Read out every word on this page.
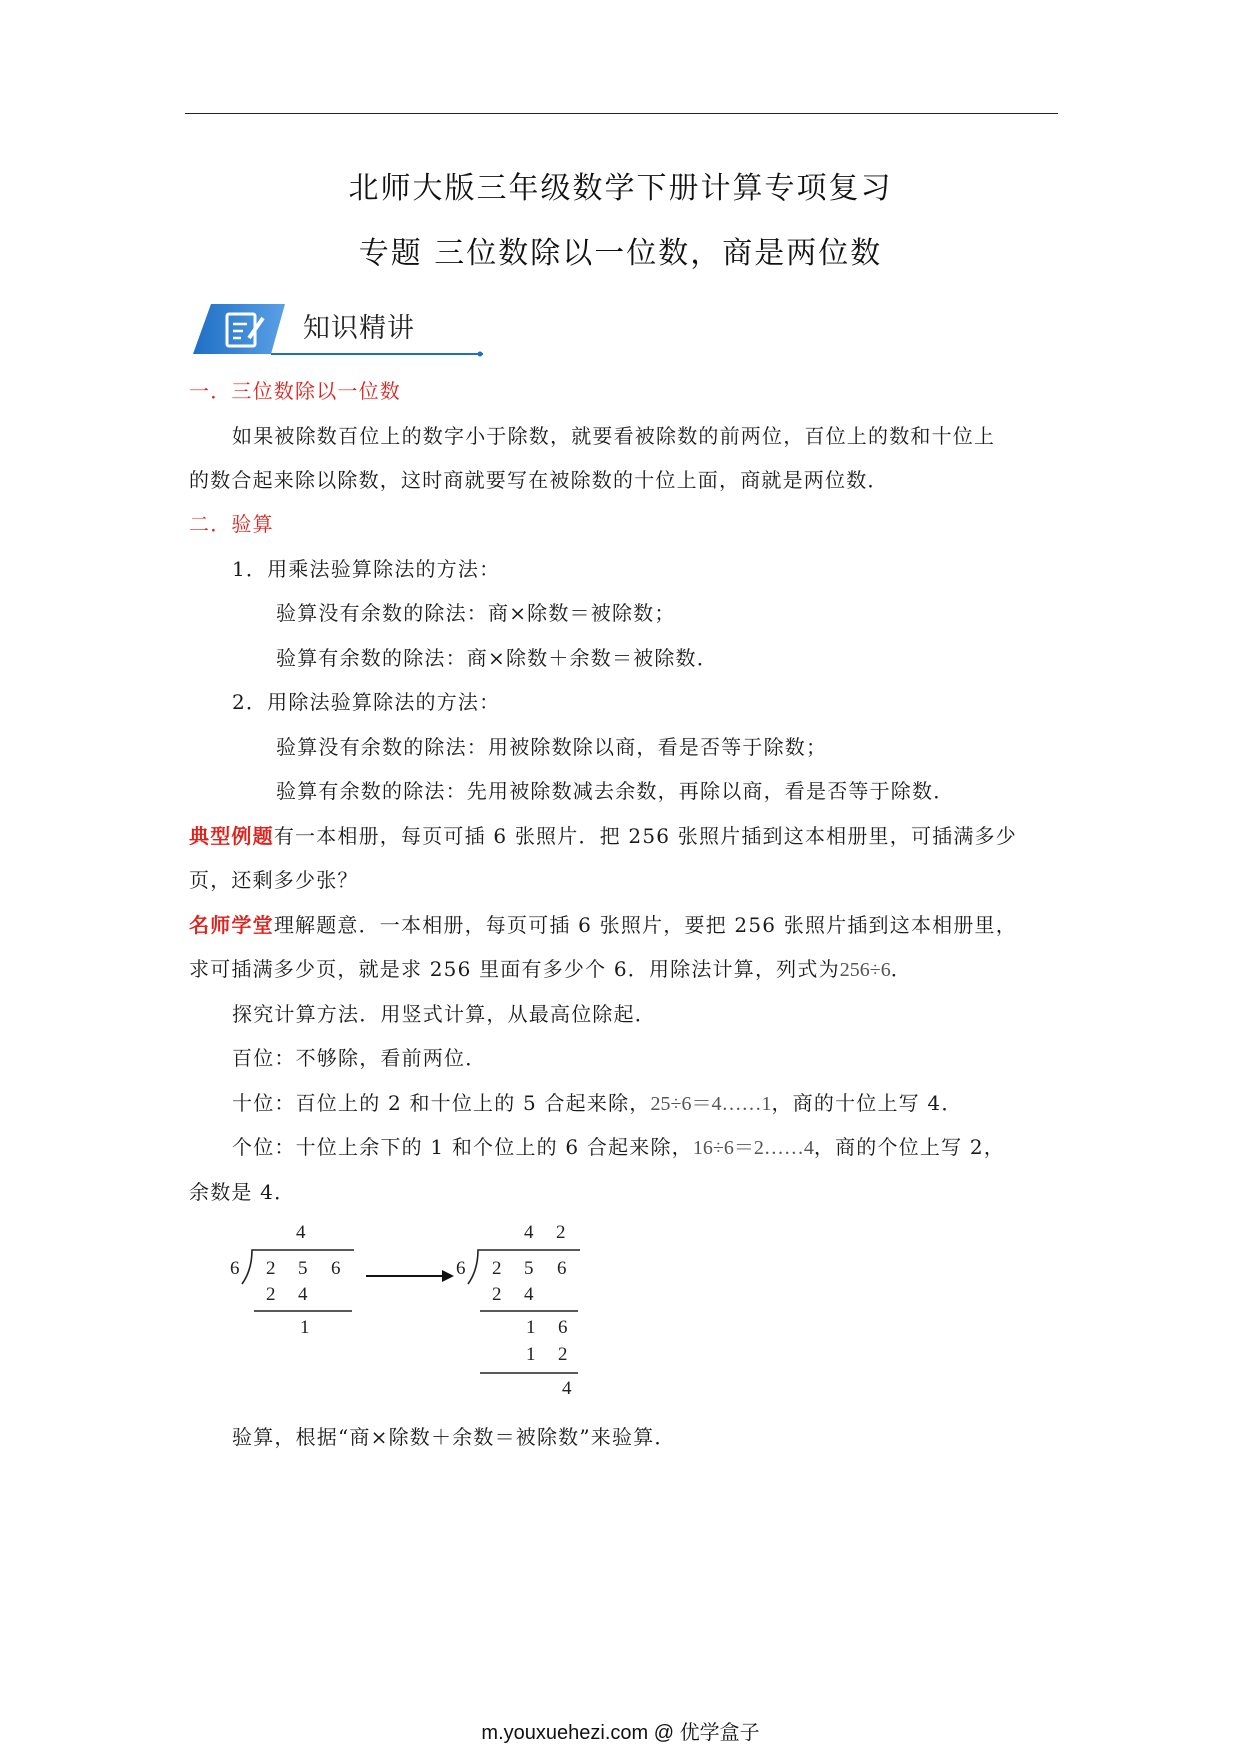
北师大版三年级数学下册计算专项复习
专题 三位数除以一位数，商是两位数
知识精讲
一．三位数除以一位数
如果被除数百位上的数字小于除数，就要看被除数的前两位，百位上的数和十位上
的数合起来除以除数，这时商就要写在被除数的十位上面，商就是两位数．
二．验算
1．用乘法验算除法的方法：
验算没有余数的除法：商×除数＝被除数；
验算有余数的除法：商×除数＋余数＝被除数．
2．用除法验算除法的方法：
验算没有余数的除法：用被除数除以商，看是否等于除数；
验算有余数的除法：先用被除数减去余数，再除以商，看是否等于除数．
典型例题有一本相册，每页可插 6 张照片．把 256 张照片插到这本相册里，可插满多少
页，还剩多少张？
名师学堂理解题意．一本相册，每页可插 6 张照片，要把 256 张照片插到这本相册里，
求可插满多少页，就是求 256 里面有多少个 6．用除法计算，列式为256÷6．
探究计算方法．用竖式计算，从最高位除起．
百位：不够除，看前两位．
十位：百位上的 2 和十位上的 5 合起来除，25÷6＝4……1，商的十位上写 4．
个位：十位上余下的 1 和个位上的 6 合起来除，16÷6＝2……4，商的个位上写 2，
余数是 4．
4
6 2 5 6
2 4
1
4 2
6 2 5 6
2 4
1 6
1 2
4
验算，根据“商×除数＋余数＝被除数”来验算．
m.youxuehezi.com @ 优学盒子
